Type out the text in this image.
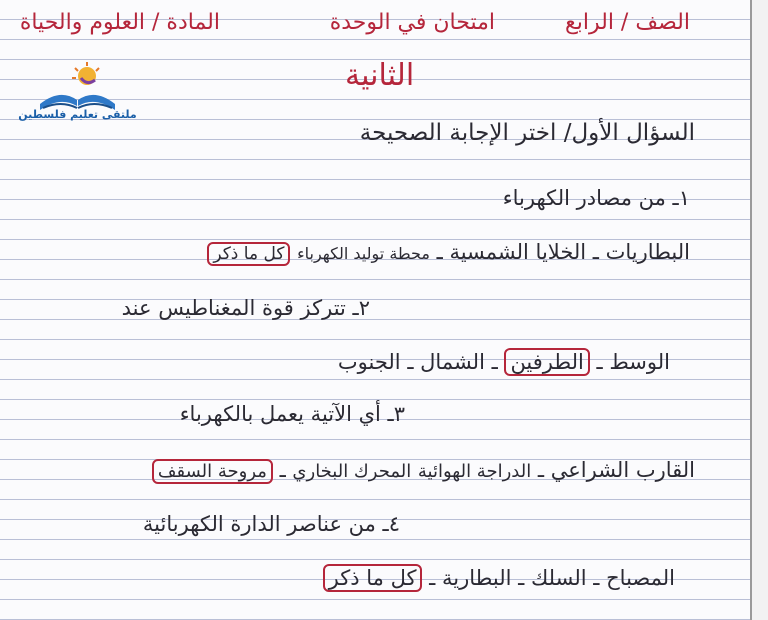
الصف / الرابع
امتحان في الوحدة
المادة / العلوم والحياة
الثانية
ملتقى تعليم فلسطين
السؤال الأول/ اختر الإجابة الصحيحة
١ـ من مصادر الكهرباء
البطاريات ـ الخلايا الشمسية ـ محطة توليد الكهرباء كل ما ذكر
٢ـ تتركز قوة المغناطيس عند
الوسط ـ الطرفين ـ الشمال ـ الجنوب
٣ـ أي الآتية يعمل بالكهرباء
القارب الشراعي ـ الدراجة الهوائية المحرك البخاري ـ مروحة السقف
٤ـ من عناصر الدارة الكهربائية
المصباح ـ السلك ـ البطارية ـ كل ما ذكر
